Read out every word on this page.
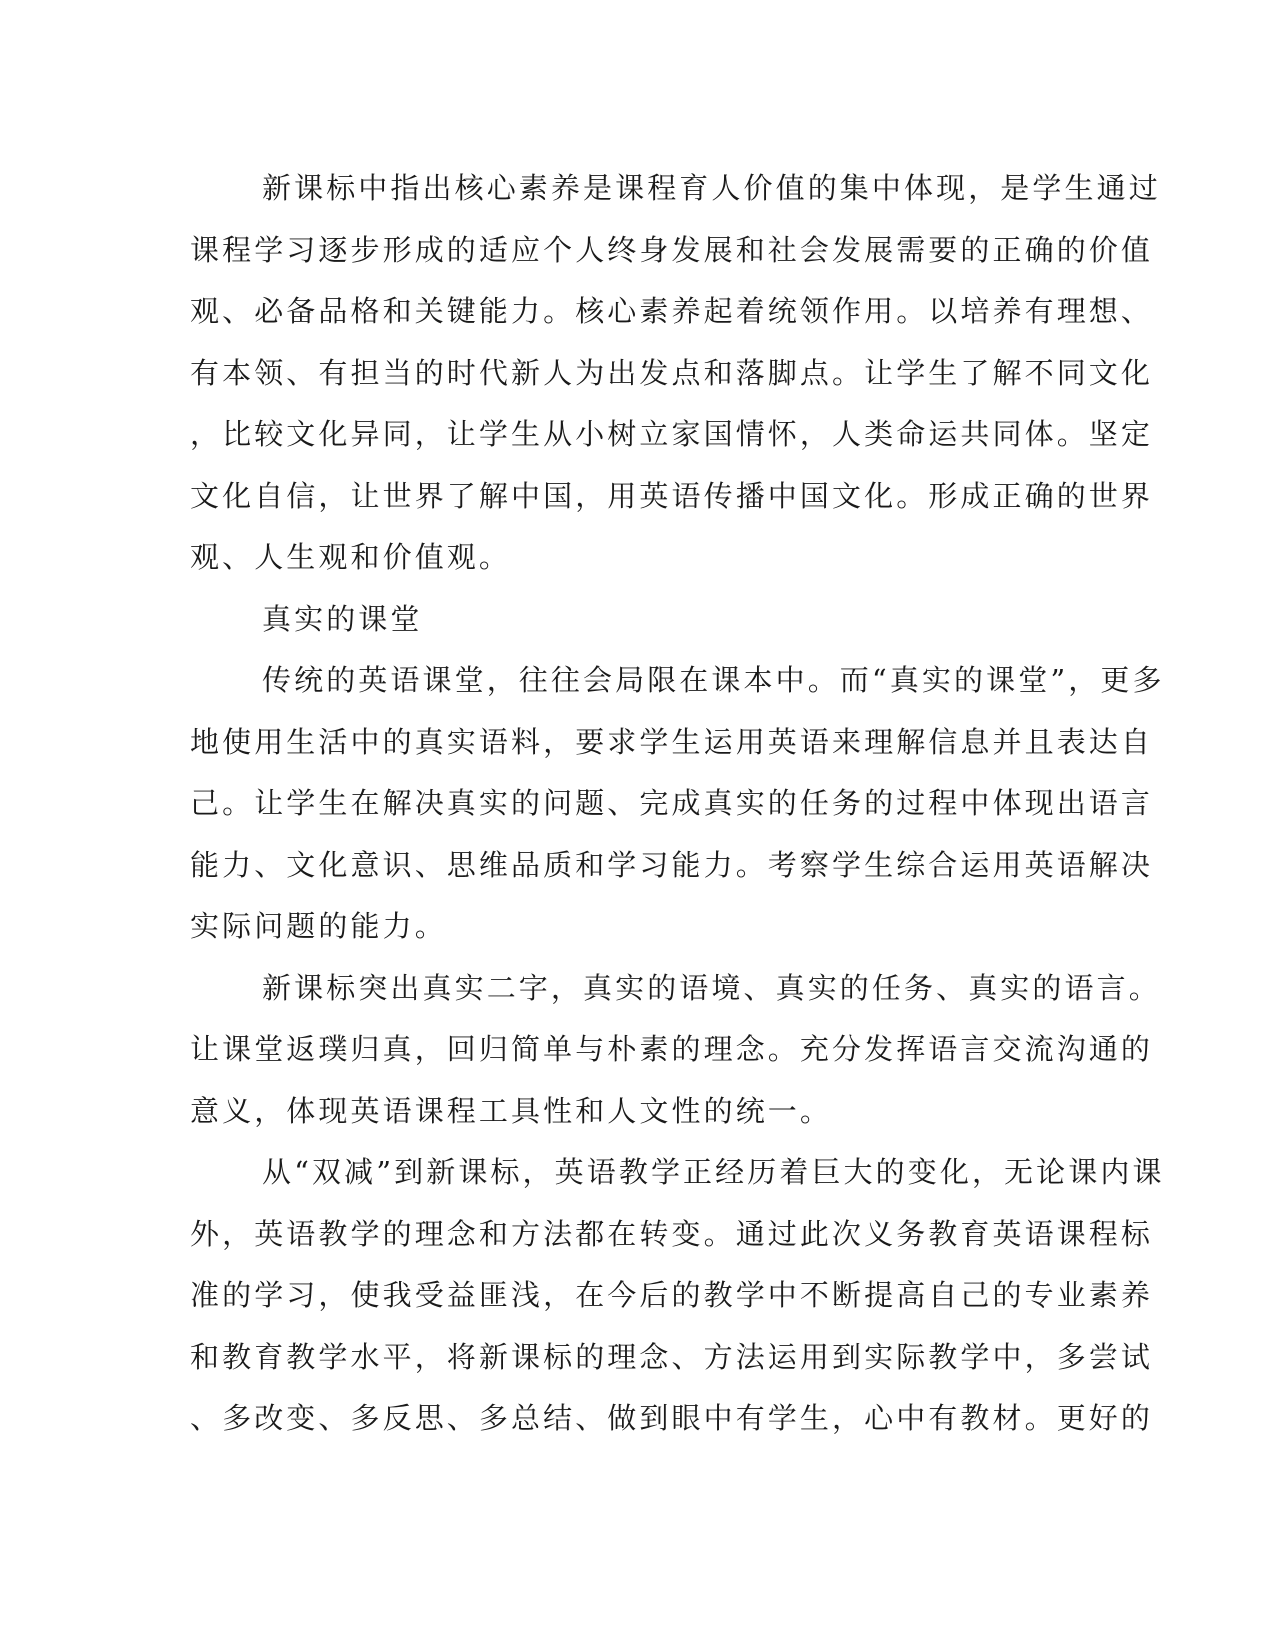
新课标中指出核心素养是课程育人价值的集中体现，是学生通过
课程学习逐步形成的适应个人终身发展和社会发展需要的正确的价值
观、必备品格和关键能力。核心素养起着统领作用。以培养有理想、
有本领、有担当的时代新人为出发点和落脚点。让学生了解不同文化
，比较文化异同，让学生从小树立家国情怀，人类命运共同体。坚定
文化自信，让世界了解中国，用英语传播中国文化。形成正确的世界
观、人生观和价值观。
真实的课堂
传统的英语课堂，往往会局限在课本中。而“真实的课堂”，更多
地使用生活中的真实语料，要求学生运用英语来理解信息并且表达自
己。让学生在解决真实的问题、完成真实的任务的过程中体现出语言
能力、文化意识、思维品质和学习能力。考察学生综合运用英语解决
实际问题的能力。
新课标突出真实二字，真实的语境、真实的任务、真实的语言。
让课堂返璞归真，回归简单与朴素的理念。充分发挥语言交流沟通的
意义，体现英语课程工具性和人文性的统一。
从“双减”到新课标，英语教学正经历着巨大的变化，无论课内课
外，英语教学的理念和方法都在转变。通过此次义务教育英语课程标
准的学习，使我受益匪浅，在今后的教学中不断提高自己的专业素养
和教育教学水平，将新课标的理念、方法运用到实际教学中，多尝试
、多改变、多反思、多总结、做到眼中有学生，心中有教材。更好的
